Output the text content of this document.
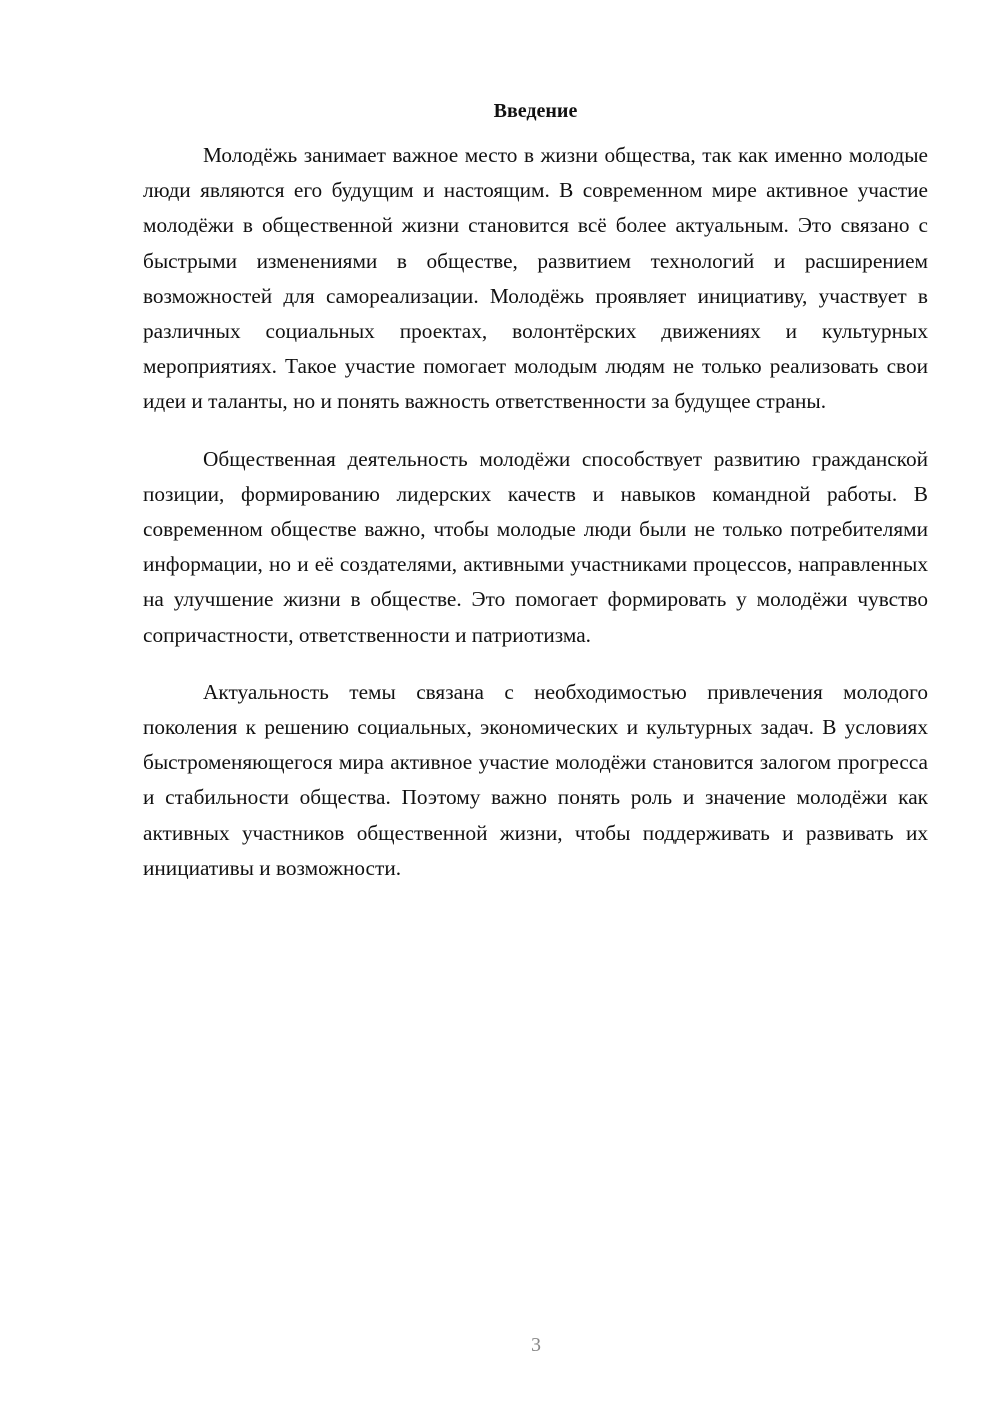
Введение

Молодёжь занимает важное место в жизни общества, так как именно молодые люди являются его будущим и настоящим. В современном мире активное участие молодёжи в общественной жизни становится всё более актуальным. Это связано с быстрыми изменениями в обществе, развитием технологий и расширением возможностей для самореализации. Молодёжь проявляет инициативу, участвует в различных социальных проектах, волонтёрских движениях и культурных мероприятиях. Такое участие помогает молодым людям не только реализовать свои идеи и таланты, но и понять важность ответственности за будущее страны.

Общественная деятельность молодёжи способствует развитию гражданской позиции, формированию лидерских качеств и навыков командной работы. В современном обществе важно, чтобы молодые люди были не только потребителями информации, но и её создателями, активными участниками процессов, направленных на улучшение жизни в обществе. Это помогает формировать у молодёжи чувство сопричастности, ответственности и патриотизма.

Актуальность темы связана с необходимостью привлечения молодого поколения к решению социальных, экономических и культурных задач. В условиях быстроменяющегося мира активное участие молодёжи становится залогом прогресса и стабильности общества. Поэтому важно понять роль и значение молодёжи как активных участников общественной жизни, чтобы поддерживать и развивать их инициативы и возможности.

3
